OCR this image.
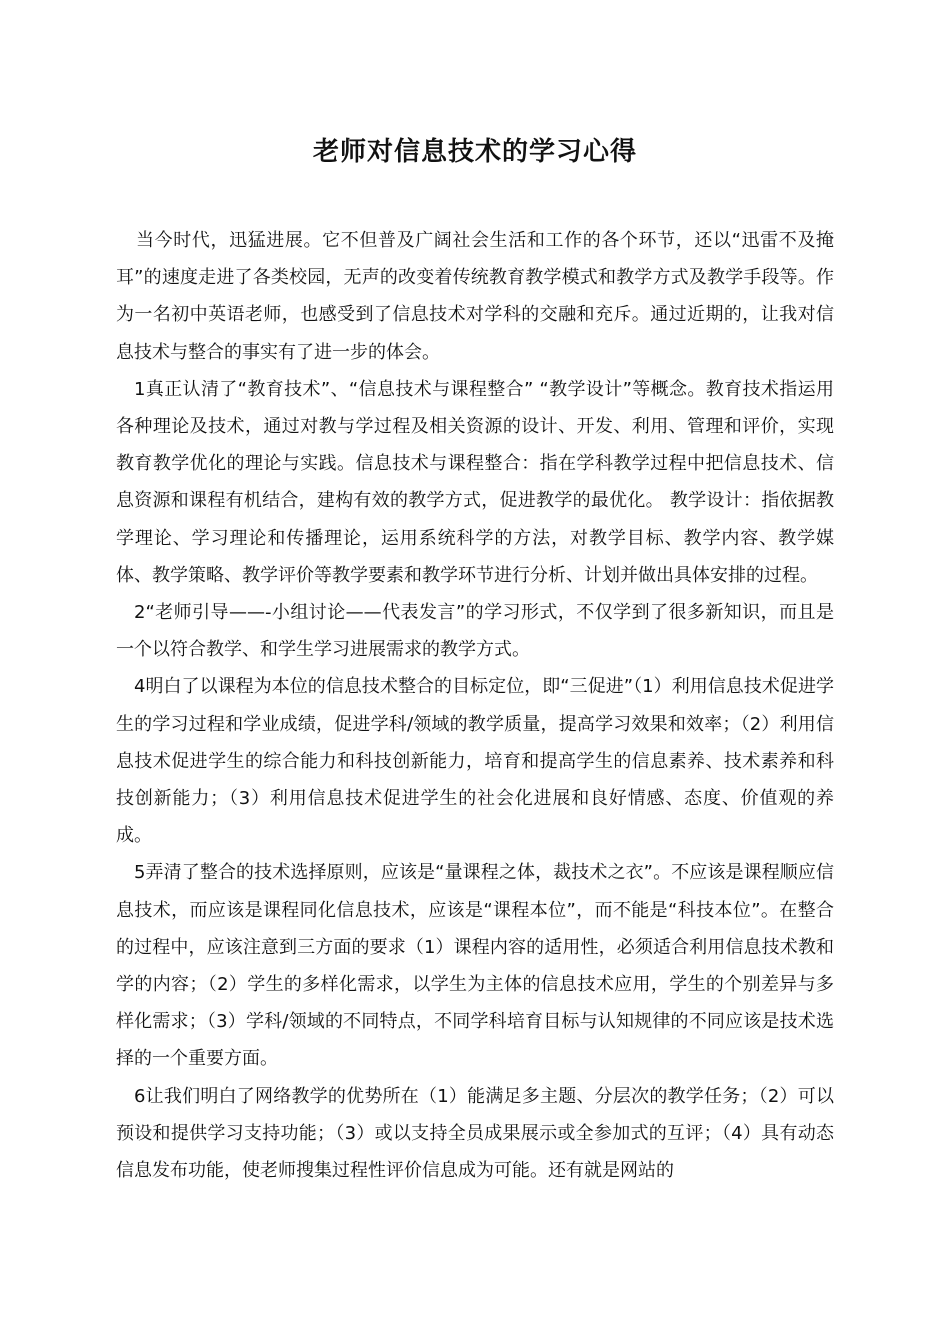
老师对信息技术的学习心得

当今时代，迅猛进展。它不但普及广阔社会生活和工作的各个环节，还以“迅雷不及掩耳”的速度走进了各类校园，无声的改变着传统教育教学模式和教学方式及教学手段等。作为一名初中英语老师，也感受到了信息技术对学科的交融和充斥。通过近期的，让我对信息技术与整合的事实有了进一步的体会。

1真正认清了“教育技术”、“信息技术与课程整合” “教学设计”等概念。教育技术指运用各种理论及技术，通过对教与学过程及相关资源的设计、开发、利用、管理和评价，实现教育教学优化的理论与实践。信息技术与课程整合：指在学科教学过程中把信息技术、信息资源和课程有机结合，建构有效的教学方式，促进教学的最优化。 教学设计：指依据教学理论、学习理论和传播理论，运用系统科学的方法，对教学目标、教学内容、教学媒体、教学策略、教学评价等教学要素和教学环节进行分析、计划并做出具体安排的过程。

2“老师引导——-小组讨论——代表发言”的学习形式，不仅学到了很多新知识，而且是一个以符合教学、和学生学习进展需求的教学方式。

4明白了以课程为本位的信息技术整合的目标定位，即“三促进”（1）利用信息技术促进学生的学习过程和学业成绩，促进学科/领域的教学质量，提高学习效果和效率；（2）利用信息技术促进学生的综合能力和科技创新能力，培育和提高学生的信息素养、技术素养和科技创新能力；（3）利用信息技术促进学生的社会化进展和良好情感、态度、价值观的养成。

5弄清了整合的技术选择原则，应该是“量课程之体，裁技术之衣”。不应该是课程顺应信息技术，而应该是课程同化信息技术，应该是“课程本位”，而不能是“科技本位”。在整合的过程中，应该注意到三方面的要求（1）课程内容的适用性，必须适合利用信息技术教和学的内容；（2）学生的多样化需求，以学生为主体的信息技术应用，学生的个别差异与多样化需求；（3）学科/领域的不同特点，不同学科培育目标与认知规律的不同应该是技术选择的一个重要方面。

6让我们明白了网络教学的优势所在（1）能满足多主题、分层次的教学任务；（2）可以预设和提供学习支持功能；（3）或以支持全员成果展示或全参加式的互评；（4）具有动态信息发布功能，使老师搜集过程性评价信息成为可能。还有就是网站的
